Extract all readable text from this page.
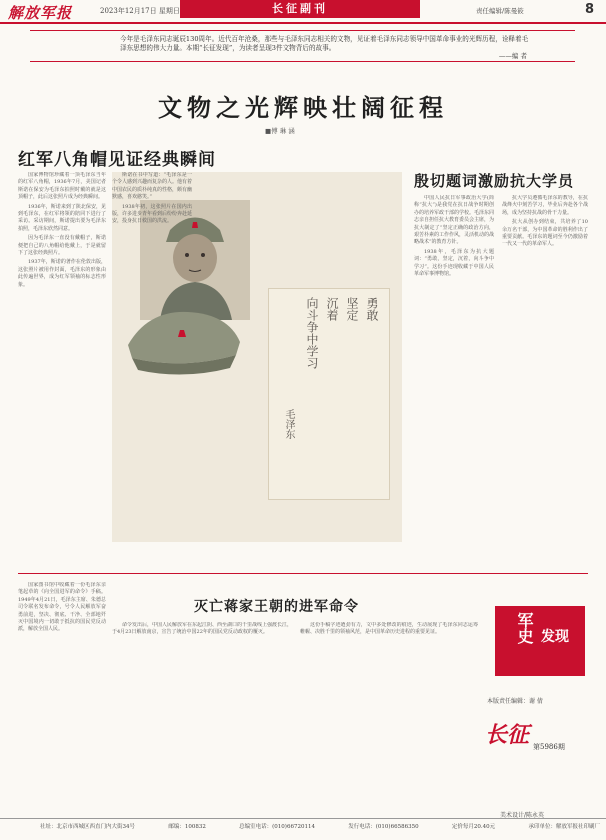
解放军报	2023年12月17日 星期日	长征副刊	责任编辑/陈曼筱	8
今年是毛泽东同志诞辰130周年。近代百年沧桑，那些与毛泽东同志相关的文物，见证着毛泽东同志领导中国革命事业的光辉历程，诠释着毛泽东思想的伟大力量。本期“长征发现”，为读者呈现3件文物背后的故事。
——编 者
文物之光辉映壮阔征程
■傅 琳 涵
红军八角帽见证经典瞬间

国家博物馆珍藏着一顶毛泽东当年的红军八角帽，1936年7月，美国记者斯诺在保安为毛泽东拍照时戴的就是这顶帽子，此后这张照片成为经典瞬间。

1936年，斯诺来到了陕北保安，见到毛泽东，在红军将领的陪同下进行了采访。采访期间，斯诺提出要为毛泽东拍照，毛泽东欣然同意。

因为毛泽东一直没有戴帽子，斯诺便把自己的八角帽给他戴上，于是就留下了这张经典照片。

1937年，斯诺的著作在伦敦出版，这张照片被用作封面，毛泽东的形象由此传遍世界，成为红军领袖的标志性形象。

斯诺在书中写道：“毛泽东是一个令人感到兴趣而复杂的人。他有着中国农民的质朴纯真的性格，颇有幽默感，喜欢憨笑。”

1938年初，这张照片在国内出版，许多进步青年看到后纷纷奔赴延安，投身抗日救国的洪流。

勇敢
坚定
沉着
向斗争中学习
毛泽东
殷切题词激励抗大学员

中国人民抗日军事政治大学(简称“抗大”)是我党在抗日战争时期创办的培养军政干部的学校。毛泽东同志亲自担任抗大教育委员会主席，为抗大制定了“坚定正确的政治方向，艰苦朴素的工作作风，灵活机动的战略战术”的教育方针。

1938年，毛泽东为抗大题词：“勇敢，坚定，沉着，向斗争中学习”。这份手迹现收藏于中国人民革命军事博物馆。

抗大学员遵循毛泽东的教导，在抗战烽火中刻苦学习，毕业后奔赴各个战场，成为坚持抗战的骨干力量。

抗大从创办到结束，共培养了10余万名干部，为中国革命的胜利作出了重要贡献。毛泽东的题词至今仍激励着一代又一代的革命军人。

灭亡蒋家王朝的进军命令

国家图书馆中收藏着一份毛泽东亲笔起草的《向全国进军的命令》手稿。1949年4月21日，毛泽东主席、朱德总司令联名发布命令，号令人民解放军奋勇前进，坚决、彻底、干净、全部地歼灭中国境内一切敢于抵抗的国民党反动派，解放全国人民。

命令发出后，中国人民解放军在东起江阴、西至湖口的千里战线上强渡长江，于4月23日解放南京，宣告了统治中国22年的国民党反动政权的覆灭。

这份手稿字迹遒劲有力，文中多处修改的痕迹，生动展现了毛泽东同志运筹帷幄、决胜千里的领袖风范，是中国革命历史进程的重要见证。	军史 发现
本版责任编辑：谢 倩
长征 第5986期
美术设计/陈永英
社址：北京市西城区西直门内大街34号	邮编：100832	总编室电话：(010)66720114	发行电话：(010)66586350	定价每月20.40元	承印单位：解放军报社印刷厂
